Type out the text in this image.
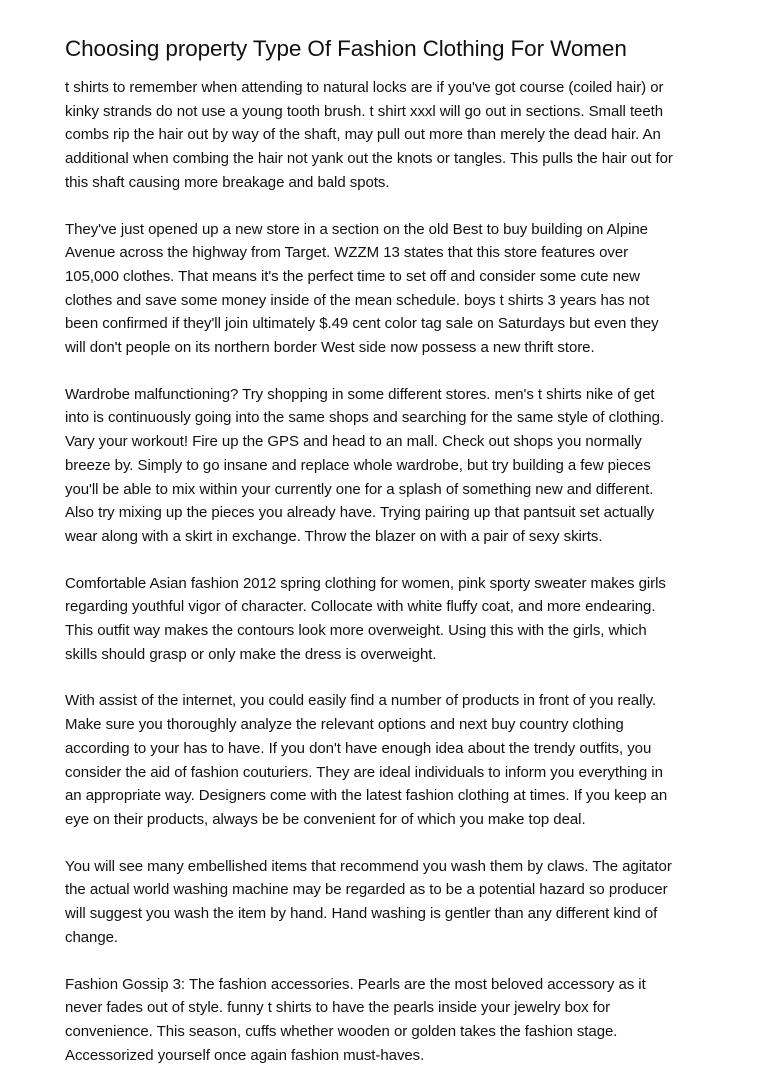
Choosing property Type Of Fashion Clothing For Women

t shirts to remember when attending to natural locks are if you've got course (coiled hair) or
kinky strands do not use a young tooth brush. t shirt xxxl will go out in sections. Small teeth
combs rip the hair out by way of the shaft, may pull out more than merely the dead hair. An
additional when combing the hair not yank out the knots or tangles. This pulls the hair out for
this shaft causing more breakage and bald spots.

They've just opened up a new store in a section on the old Best to buy building on Alpine
Avenue across the highway from Target. WZZM 13 states that this store features over
105,000 clothes. That means it's the perfect time to set off and consider some cute new
clothes and save some money inside of the mean schedule. boys t shirts 3 years has not
been confirmed if they'll join ultimately $.49 cent color tag sale on Saturdays but even they
will don't people on its northern border West side now possess a new thrift store.

Wardrobe malfunctioning? Try shopping in some different stores. men's t shirts nike of get
into is continuously going into the same shops and searching for the same style of clothing.
Vary your workout! Fire up the GPS and head to an mall. Check out shops you normally
breeze by. Simply to go insane and replace whole wardrobe, but try building a few pieces
you'll be able to mix within your currently one for a splash of something new and different.
Also try mixing up the pieces you already have. Trying pairing up that pantsuit set actually
wear along with a skirt in exchange. Throw the blazer on with a pair of sexy skirts.

Comfortable Asian fashion 2012 spring clothing for women, pink sporty sweater makes girls
regarding youthful vigor of character. Collocate with white fluffy coat, and more endearing.
This outfit way makes the contours look more overweight. Using this with the girls, which
skills should grasp or only make the dress is overweight.

With assist of the internet, you could easily find a number of products in front of you really.
Make sure you thoroughly analyze the relevant options and next buy country clothing
according to your has to have. If you don't have enough idea about the trendy outfits, you
consider the aid of fashion couturiers. They are ideal individuals to inform you everything in
an appropriate way. Designers come with the latest fashion clothing at times. If you keep an
eye on their products, always be be convenient for of which you make top deal.

You will see many embellished items that recommend you wash them by claws. The agitator
the actual world washing machine may be regarded as to be a potential hazard so producer
will suggest you wash the item by hand. Hand washing is gentler than any different kind of
change.

Fashion Gossip 3: The fashion accessories. Pearls are the most beloved accessory as it
never fades out of style. funny t shirts to have the pearls inside your jewelry box for
convenience. This season, cuffs whether wooden or golden takes the fashion stage.
Accessorized yourself once again fashion must-haves.
